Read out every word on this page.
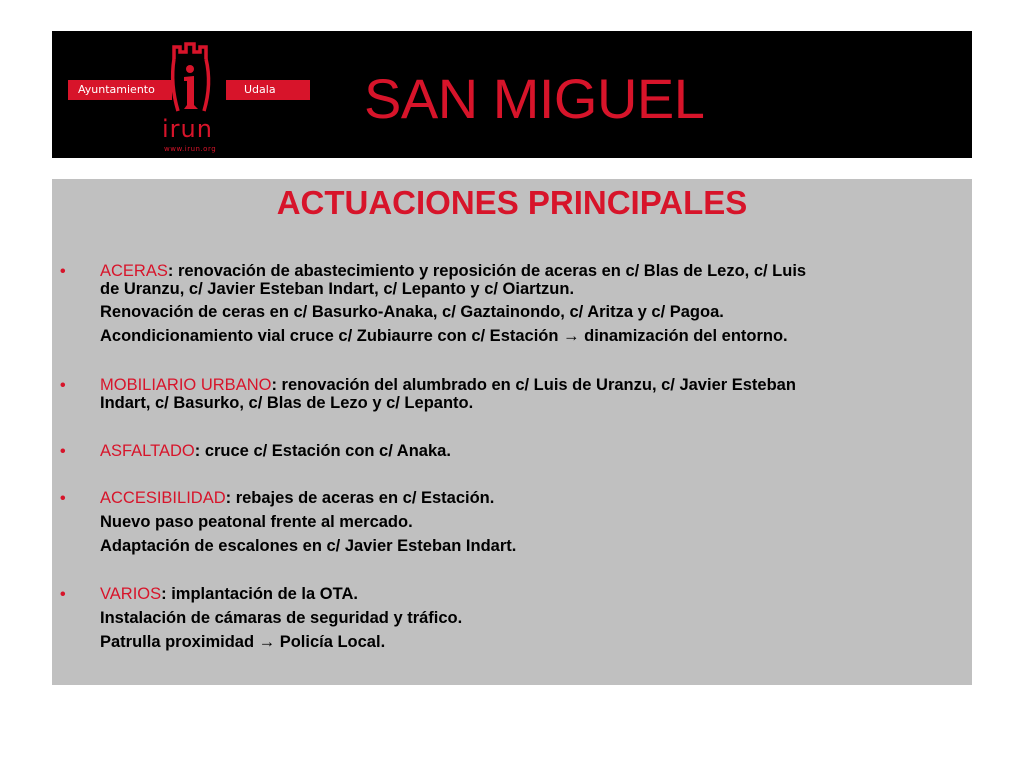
Ayuntamiento	Udala
irun
www.irun.org
SAN MIGUEL
ACTUACIONES PRINCIPALES
•	ACERAS: renovación de abastecimiento y reposición de aceras en c/ Blas de Lezo, c/ Luis
de Uranzu, c/ Javier Esteban Indart, c/ Lepanto y c/ Oiartzun.
Renovación de ceras en c/ Basurko-Anaka, c/ Gaztainondo, c/ Aritza y c/ Pagoa.
Acondicionamiento vial cruce c/ Zubiaurre con c/ Estación → dinamización del entorno.
•	MOBILIARIO URBANO: renovación del alumbrado en c/ Luis de Uranzu, c/ Javier Esteban
Indart, c/ Basurko, c/ Blas de Lezo y c/ Lepanto.
•	ASFALTADO: cruce c/ Estación con c/ Anaka.
•	ACCESIBILIDAD: rebajes de aceras en c/ Estación.
Nuevo paso peatonal frente al mercado.
Adaptación de escalones en c/ Javier Esteban Indart.
•	VARIOS: implantación de la OTA.
Instalación de cámaras de seguridad y tráfico.
Patrulla proximidad → Policía Local.
